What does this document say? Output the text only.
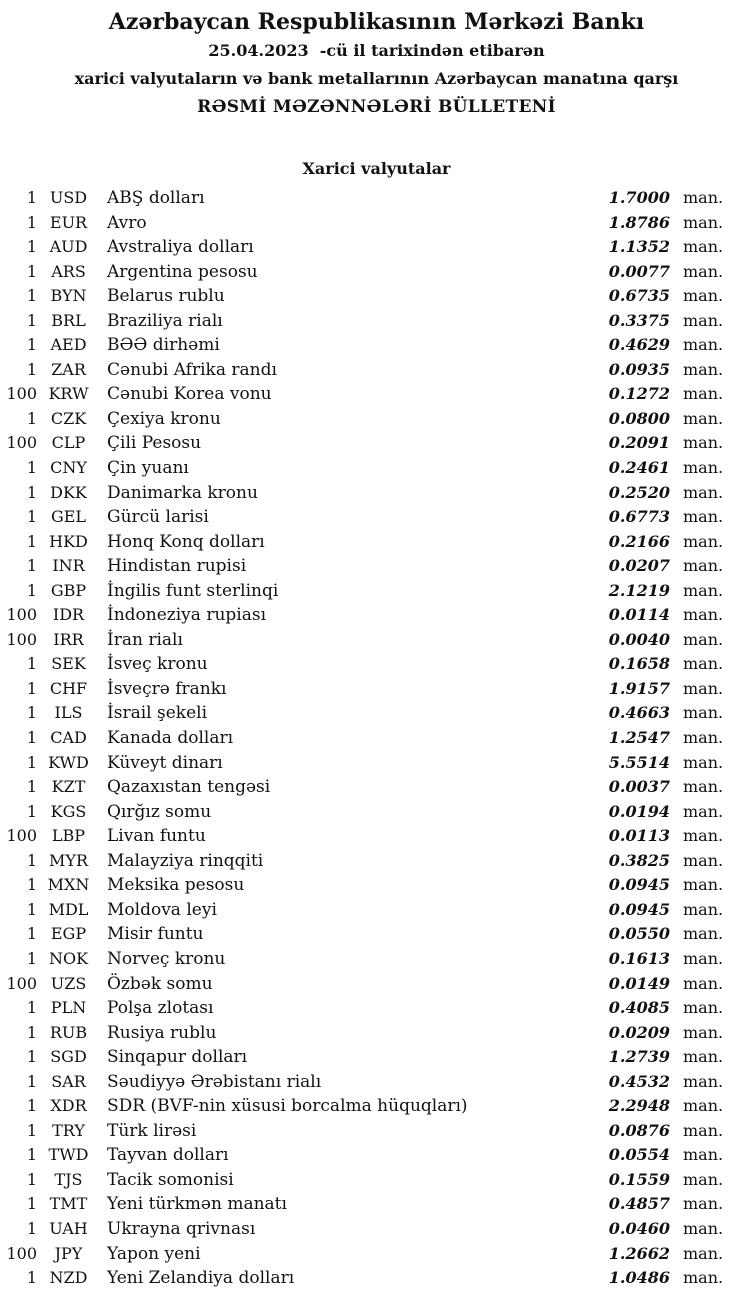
Azərbaycan Respublikasının Mərkəzi Bankı
25.04.2023  -cü il tarixindən etibarən
xarici valyutaların və bank metallarının Azərbaycan manatına qarşı
RƏSMİ MƏZƏNNƏLƏRİ BÜLLETENİ
Xarici valyutalar
1 USD	ABŞ dolları	1.7000 man.
1 EUR	Avro	1.8786 man.
1 AUD	Avstraliya dolları	1.1352 man.
1 ARS	Argentina pesosu	0.0077 man.
1 BYN	Belarus rublu	0.6735 man.
1 BRL	Braziliya rialı	0.3375 man.
1 AED	BƏƏ dirhəmi	0.4629 man.
1 ZAR	Cənubi Afrika randı	0.0935 man.
100 KRW	Cənubi Korea vonu	0.1272 man.
1 CZK	Çexiya kronu	0.0800 man.
100 CLP	Çili Pesosu	0.2091 man.
1 CNY	Çin yuanı	0.2461 man.
1 DKK	Danimarka kronu	0.2520 man.
1 GEL	Gürcü larisi	0.6773 man.
1 HKD	Honq Konq dolları	0.2166 man.
1 INR	Hindistan rupisi	0.0207 man.
1 GBP	İngilis funt sterlinqi	2.1219 man.
100 IDR	İndoneziya rupiası	0.0114 man.
100	IRR	İran rialı	0.0040 man.
1 SEK	İsveç kronu	0.1658 man.
1 CHF	İsveçrə frankı	1.9157 man.
1	ILS	İsrail şekeli	0.4663 man.
1 CAD	Kanada dolları	1.2547 man.
1 KWD	Küveyt dinarı	5.5514 man.
1 KZT	Qazaxıstan tengəsi	0.0037 man.
1 KGS	Qırğız somu	0.0194 man.
100 LBP	Livan funtu	0.0113 man.
1 MYR	Malayziya rinqqiti	0.3825 man.
1 MXN	Meksika pesosu	0.0945 man.
1 MDL	Moldova leyi	0.0945 man.
1 EGP	Misir funtu	0.0550 man.
1 NOK	Norveç kronu	0.1613 man.
100 UZS	Özbək somu	0.0149 man.
1 PLN	Polşa zlotası	0.4085 man.
1 RUB	Rusiya rublu	0.0209 man.
1 SGD	Sinqapur dolları	1.2739 man.
1 SAR	Səudiyyə Ərəbistanı rialı	0.4532 man.
1 XDR	SDR (BVF-nin xüsusi borcalma hüquqları)	2.2948 man.
1 TRY	Türk lirəsi	0.0876 man.
1 TWD	Tayvan dolları	0.0554 man.
1	TJS	Tacik somonisi	0.1559 man.
1 TMT	Yeni türkmən manatı	0.4857 man.
1 UAH	Ukrayna qrivnası	0.0460 man.
100	JPY	Yapon yeni	1.2662 man.
1 NZD	Yeni Zelandiya dolları	1.0486 man.
